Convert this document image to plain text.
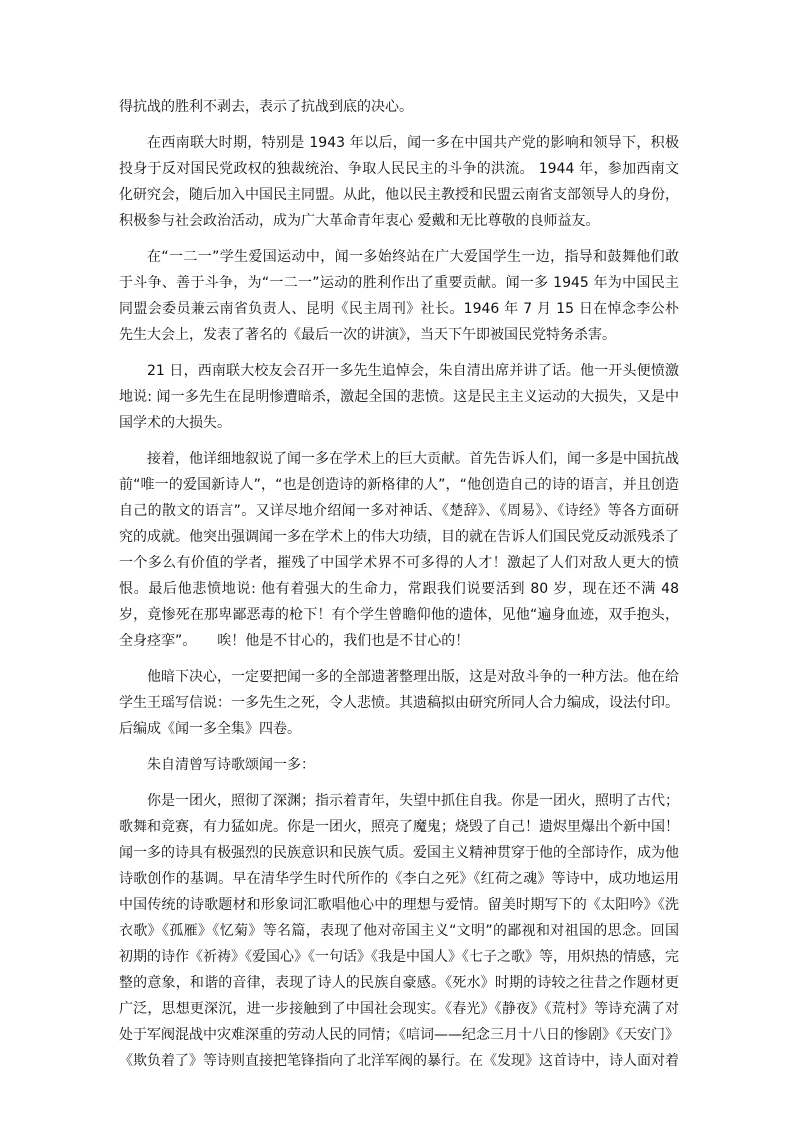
得抗战的胜利不剥去，表示了抗战到底的决心。

在西南联大时期，特别是 1943 年以后，闻一多在中国共产党的影响和领导下，积极投身于反对国民党政权的独裁统治、争取人民民主的斗争的洪流。 1944 年，参加西南文化研究会，随后加入中国民主同盟。从此，他以民主教授和民盟云南省支部领导人的身份，积极参与社会政治活动，成为广大革命青年衷心 爱戴和无比尊敬的良师益友。

在“一二一”学生爱国运动中，闻一多始终站在广大爱国学生一边，指导和鼓舞他们敢于斗争、善于斗争，为“一二一”运动的胜利作出了重要贡献。闻一多 1945 年为中国民主同盟会委员兼云南省负责人、昆明《民主周刊》社长。1946 年 7 月 15 日在悼念李公朴先生大会上，发表了著名的《最后一次的讲演》，当天下午即被国民党特务杀害。

21 日，西南联大校友会召开一多先生追悼会，朱自清出席并讲了话。他一开头便愤激地说: 闻一多先生在昆明惨遭暗杀，激起全国的悲愤。这是民主主义运动的大损失，又是中国学术的大损失。

接着，他详细地叙说了闻一多在学术上的巨大贡献。首先告诉人们，闻一多是中国抗战前“唯一的爱国新诗人”，“也是创造诗的新格律的人”，“他创造自己的诗的语言，并且创造自己的散文的语言”。又详尽地介绍闻一多对神话、《楚辞》、《周易》、《诗经》等各方面研究的成就。他突出强调闻一多在学术上的伟大功绩，目的就在告诉人们国民党反动派残杀了一个多么有价值的学者，摧残了中国学术界不可多得的人才！激起了人们对敌人更大的愤恨。最后他悲愤地说: 他有着强大的生命力，常跟我们说要活到 80 岁，现在还不满 48 岁，竟惨死在那卑鄙恶毒的枪下！有个学生曾瞻仰他的遗体，见他“遍身血迹，双手抱头，全身痉挛”。　　唉！他是不甘心的，我们也是不甘心的！

他暗下决心，一定要把闻一多的全部遗著整理出版，这是对敌斗争的一种方法。他在给学生王瑶写信说：一多先生之死，令人悲愤。其遗稿拟由研究所同人合力编成，设法付印。后编成《闻一多全集》四卷。

朱自清曾写诗歌颂闻一多：

你是一团火，照彻了深渊；指示着青年，失望中抓住自我。你是一团火，照明了古代；歌舞和竞赛，有力猛如虎。你是一团火，照亮了魔鬼；烧毁了自己！遗烬里爆出个新中国！闻一多的诗具有极强烈的民族意识和民族气质。爱国主义精神贯穿于他的全部诗作，成为他诗歌创作的基调。早在清华学生时代所作的《李白之死》《红荷之魂》等诗中，成功地运用中国传统的诗歌题材和形象词汇歌唱他心中的理想与爱情。留美时期写下的《太阳吟》《洗衣歌》《孤雁》《忆菊》等名篇，表现了他对帝国主义“文明”的鄙视和对祖国的思念。回国初期的诗作《祈祷》《爱国心》《一句话》《我是中国人》《七子之歌》等，用炽热的情感，完整的意象，和谐的音律，表现了诗人的民族自豪感。《死水》时期的诗较之往昔之作题材更广泛，思想更深沉，进一步接触到了中国社会现实。《春光》《静夜》《荒村》等诗充满了对处于军阀混战中灾难深重的劳动人民的同情；《唁词——纪念三月十八日的惨剧》《天安门》《欺负着了》等诗则直接把笔锋指向了北洋军阀的暴行。在《发现》这首诗中，诗人面对着
